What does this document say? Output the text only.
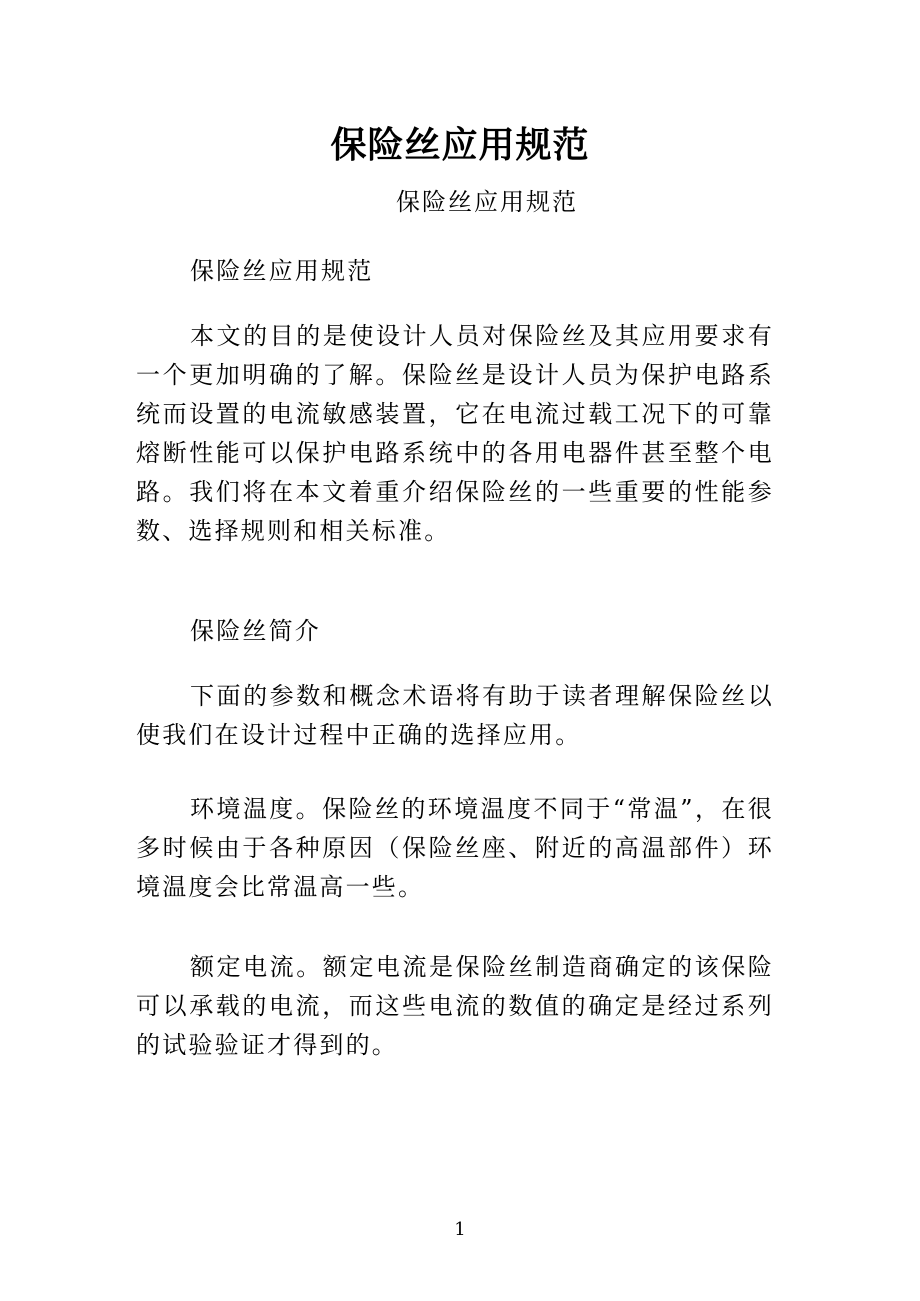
保险丝应用规范
保险丝应用规范

保险丝应用规范

本文的目的是使设计人员对保险丝及其应用要求有一个更加明确的了解。保险丝是设计人员为保护电路系统而设置的电流敏感装置，它在电流过载工况下的可靠熔断性能可以保护电路系统中的各用电器件甚至整个电路。我们将在本文着重介绍保险丝的一些重要的性能参数、选择规则和相关标准。

保险丝简介

下面的参数和概念术语将有助于读者理解保险丝以使我们在设计过程中正确的选择应用。

环境温度。保险丝的环境温度不同于“常温”，在很多时候由于各种原因（保险丝座、附近的高温部件）环境温度会比常温高一些。

额定电流。额定电流是保险丝制造商确定的该保险可以承载的电流，而这些电流的数值的确定是经过系列的试验验证才得到的。

1
